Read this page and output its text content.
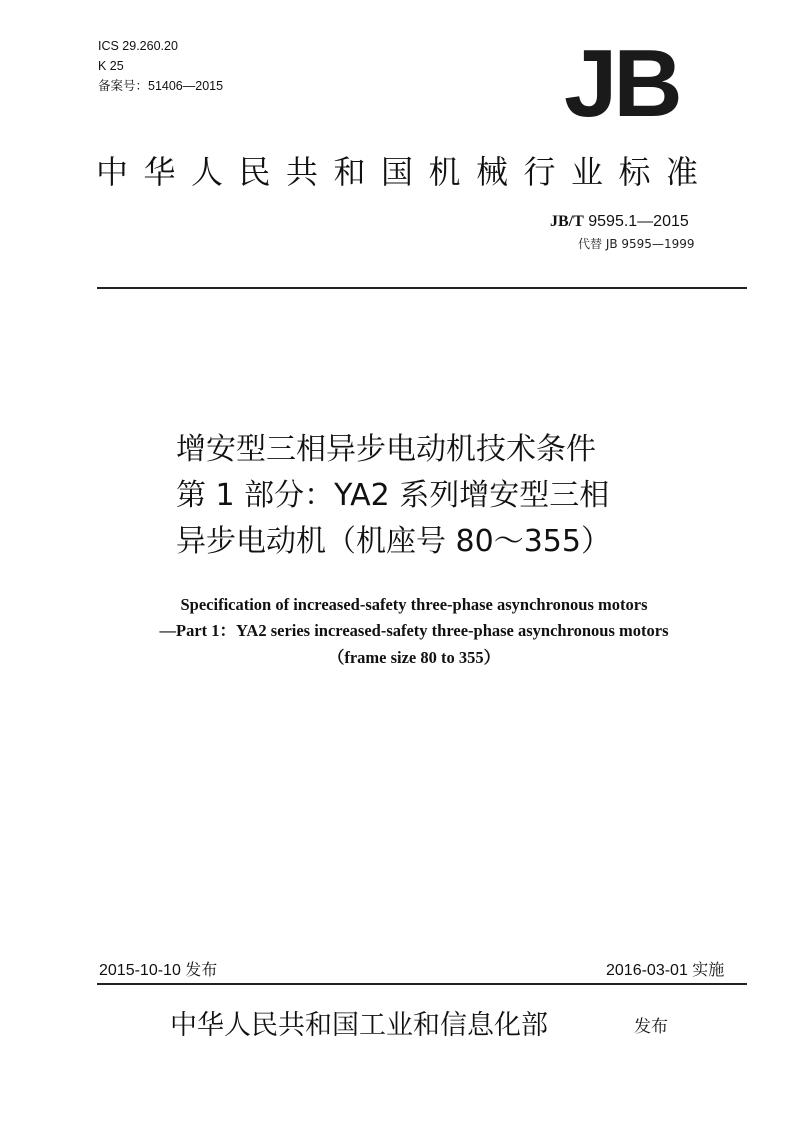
ICS 29.260.20
K 25
备案号：51406—2015	JB
中华人民共和国机械行业标准
JB/T 9595.1—2015
代替 JB 9595—1999
增安型三相异步电动机技术条件
第 1 部分：YA2 系列增安型三相
异步电动机（机座号 80～355）
Specification of increased-safety three-phase asynchronous motors
—Part 1：YA2 series increased-safety three-phase asynchronous motors
（frame size 80 to 355）
2015-10-10 发布	2016-03-01 实施
中华人民共和国工业和信息化部	发布
